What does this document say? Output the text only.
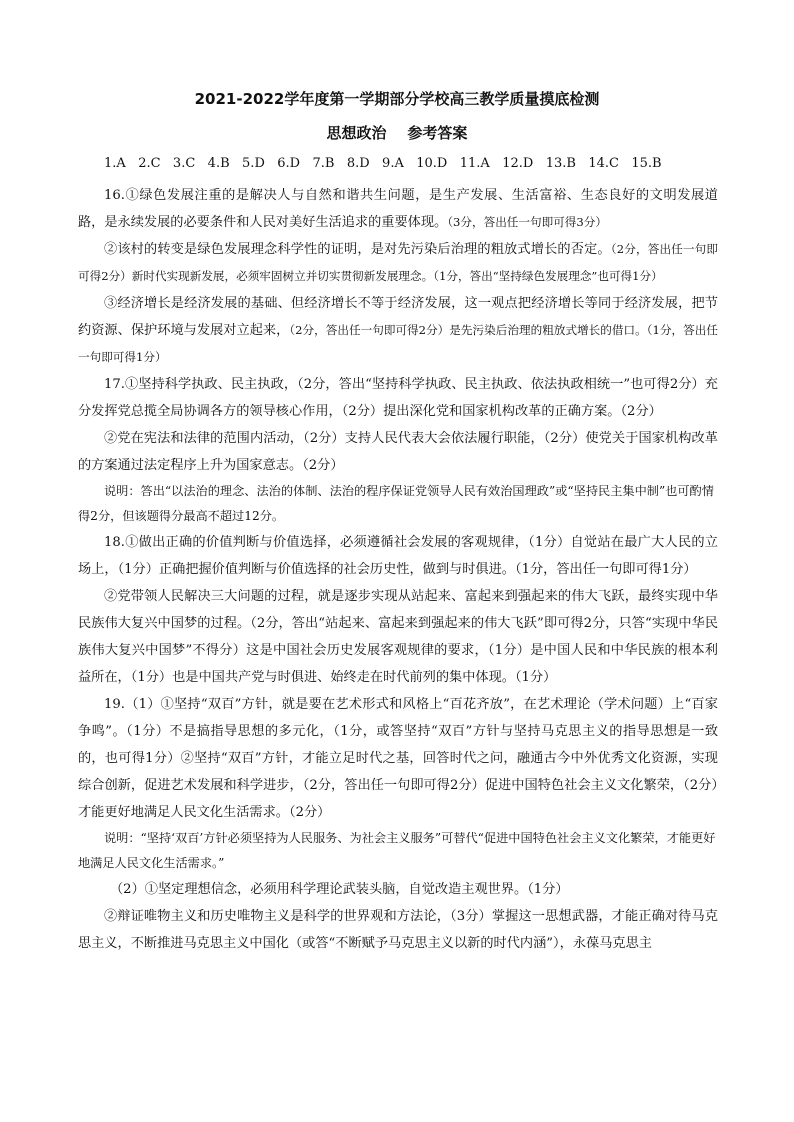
2021-2022学年度第一学期部分学校高三教学质量摸底检测
思想政治    参考答案
1.A   2.C   3.C   4.B   5.D   6.D   7.B   8.D   9.A   10.D   11.A   12.D   13.B   14.C   15.B

16.①绿色发展注重的是解决人与自然和谐共生问题，是生产发展、生活富裕、生态良好的文明发展道路，是永续发展的必要条件和人民对美好生活追求的重要体现。（3分，答出任一句即可得3分）

②该村的转变是绿色发展理念科学性的证明，是对先污染后治理的粗放式增长的否定。（2分，答出任一句即可得2分）新时代实现新发展，必须牢固树立并切实贯彻新发展理念。（1分，答出“坚持绿色发展理念”也可得1分）

③经济增长是经济发展的基础、但经济增长不等于经济发展，这一观点把经济增长等同于经济发展，把节约资源、保护环境与发展对立起来，（2分，答出任一句即可得2分）是先污染后治理的粗放式增长的借口。（1分，答出任一句即可得1分）

17.①坚持科学执政、民主执政，（2分，答出“坚持科学执政、民主执政、依法执政相统一”也可得2分）充分发挥党总揽全局协调各方的领导核心作用，（2分）提出深化党和国家机构改革的正确方案。（2分）

②党在宪法和法律的范围内活动，（2分）支持人民代表大会依法履行职能，（2分）使党关于国家机构改革的方案通过法定程序上升为国家意志。（2分）

说明：答出“以法治的理念、法治的体制、法治的程序保证党领导人民有效治国理政”或“坚持民主集中制”也可酌情得2分，但该题得分最高不超过12分。

18.①做出正确的价值判断与价值选择，必须遵循社会发展的客观规律，（1分）自觉站在最广大人民的立场上，（1分）正确把握价值判断与价值选择的社会历史性，做到与时俱进。（1分，答出任一句即可得1分）

②党带领人民解决三大问题的过程，就是逐步实现从站起来、富起来到强起来的伟大飞跃，最终实现中华民族伟大复兴中国梦的过程。（2分，答出“站起来、富起来到强起来的伟大飞跃”即可得2分，只答“实现中华民族伟大复兴中国梦”不得分）这是中国社会历史发展客观规律的要求，（1分）是中国人民和中华民族的根本利益所在，（1分）也是中国共产党与时俱进、始终走在时代前列的集中体现。（1分）

19.（1）①坚持“双百”方针，就是要在艺术形式和风格上“百花齐放”，在艺术理论（学术问题）上“百家争鸣”。（1分）不是搞指导思想的多元化，（1分，或答坚持“双百”方针与坚持马克思主义的指导思想是一致的，也可得1分）②坚持“双百”方针，才能立足时代之基，回答时代之问，融通古今中外优秀文化资源，实现综合创新，促进艺术发展和科学进步，（2分，答出任一句即可得2分）促进中国特色社会主义文化繁荣，（2分）才能更好地满足人民文化生活需求。（2分）

说明：“坚持‘双百’方针必须坚持为人民服务、为社会主义服务”可替代“促进中国特色社会主义文化繁荣，才能更好地满足人民文化生活需求。”

（2）①坚定理想信念，必须用科学理论武装头脑，自觉改造主观世界。（1分）

②辩证唯物主义和历史唯物主义是科学的世界观和方法论，（3分）掌握这一思想武器，才能正确对待马克思主义，不断推进马克思主义中国化（或答“不断赋予马克思主义以新的时代内涵”），永葆马克思主
